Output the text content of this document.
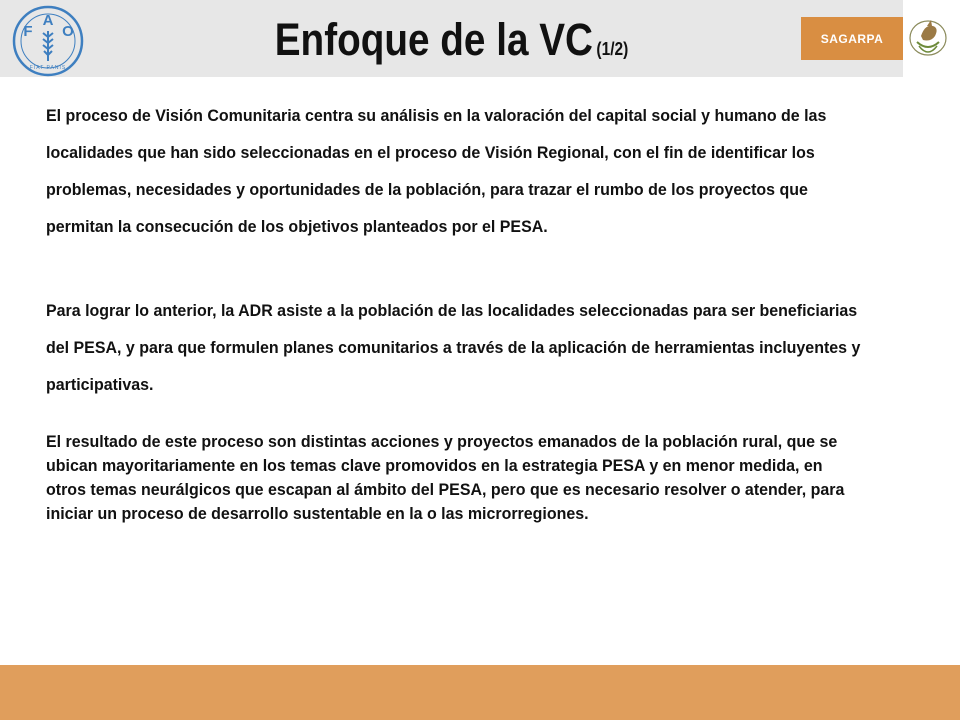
F
A
O
FIAT PANIS
Enfoque de la VC (1/2)
SAGARPA

El proceso de Visión Comunitaria centra su análisis en la valoración del capital social y humano de las localidades que han sido seleccionadas en el proceso de Visión Regional, con el fin de identificar los problemas, necesidades y oportunidades de la población, para trazar el rumbo de los proyectos que permitan la consecución de los objetivos planteados por el PESA.

Para lograr lo anterior, la ADR asiste a la población de las localidades seleccionadas para ser beneficiarias del PESA, y para que formulen planes comunitarios a través de la aplicación de herramientas incluyentes y participativas.

El resultado de este proceso son distintas acciones y proyectos emanados de la población rural, que se ubican mayoritariamente en los temas clave promovidos en la estrategia PESA y en menor medida, en otros temas neurálgicos que escapan al ámbito del PESA, pero que es necesario resolver o atender, para iniciar un proceso de desarrollo sustentable en la o las microrregiones.
